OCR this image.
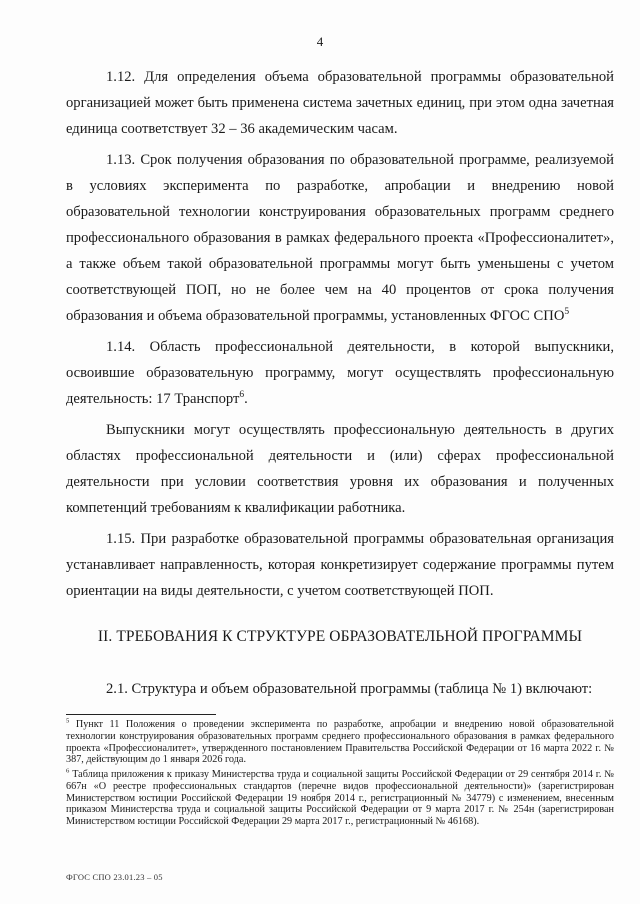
4

1.12. Для определения объема образовательной программы образовательной организацией может быть применена система зачетных единиц, при этом одна зачетная единица соответствует 32 – 36 академическим часам.

1.13. Срок получения образования по образовательной программе, реализуемой в условиях эксперимента по разработке, апробации и внедрению новой образовательной технологии конструирования образовательных программ среднего профессионального образования в рамках федерального проекта «Профессионалитет», а также объем такой образовательной программы могут быть уменьшены с учетом соответствующей ПОП, но не более чем на 40 процентов от срока получения образования и объема образовательной программы, установленных ФГОС СПО$^5$

1.14. Область профессиональной деятельности, в которой выпускники, освоившие образовательную программу, могут осуществлять профессиональную деятельность: 17 Транспорт$^6$.

Выпускники могут осуществлять профессиональную деятельность в других областях профессиональной деятельности и (или) сферах профессиональной деятельности при условии соответствия уровня их образования и полученных компетенций требованиям к квалификации работника.

1.15. При разработке образовательной программы образовательная организация устанавливает направленность, которая конкретизирует содержание программы путем ориентации на виды деятельности, с учетом соответствующей ПОП.

II. ТРЕБОВАНИЯ К СТРУКТУРЕ ОБРАЗОВАТЕЛЬНОЙ ПРОГРАММЫ
2.1. Структура и объем образовательной программы (таблица № 1) включают:
$^5$ Пункт 11 Положения о проведении эксперимента по разработке, апробации и внедрению новой образовательной технологии конструирования образовательных программ среднего профессионального образования в рамках федерального проекта «Профессионалитет», утвержденного постановлением Правительства Российской Федерации от 16 марта 2022 г. № 387, действующим до 1 января 2026 года.
$^6$ Таблица приложения к приказу Министерства труда и социальной защиты Российской Федерации от 29 сентября 2014 г. № 667н «О реестре профессиональных стандартов (перечне видов профессиональной деятельности)» (зарегистрирован Министерством юстиции Российской Федерации 19 ноября 2014 г., регистрационный № 34779) с изменением, внесенным приказом Министерства труда и социальной защиты Российской Федерации от 9 марта 2017 г. № 254н (зарегистрирован Министерством юстиции Российской Федерации 29 марта 2017 г., регистрационный № 46168).
ФГОС СПО 23.01.23 – 05
